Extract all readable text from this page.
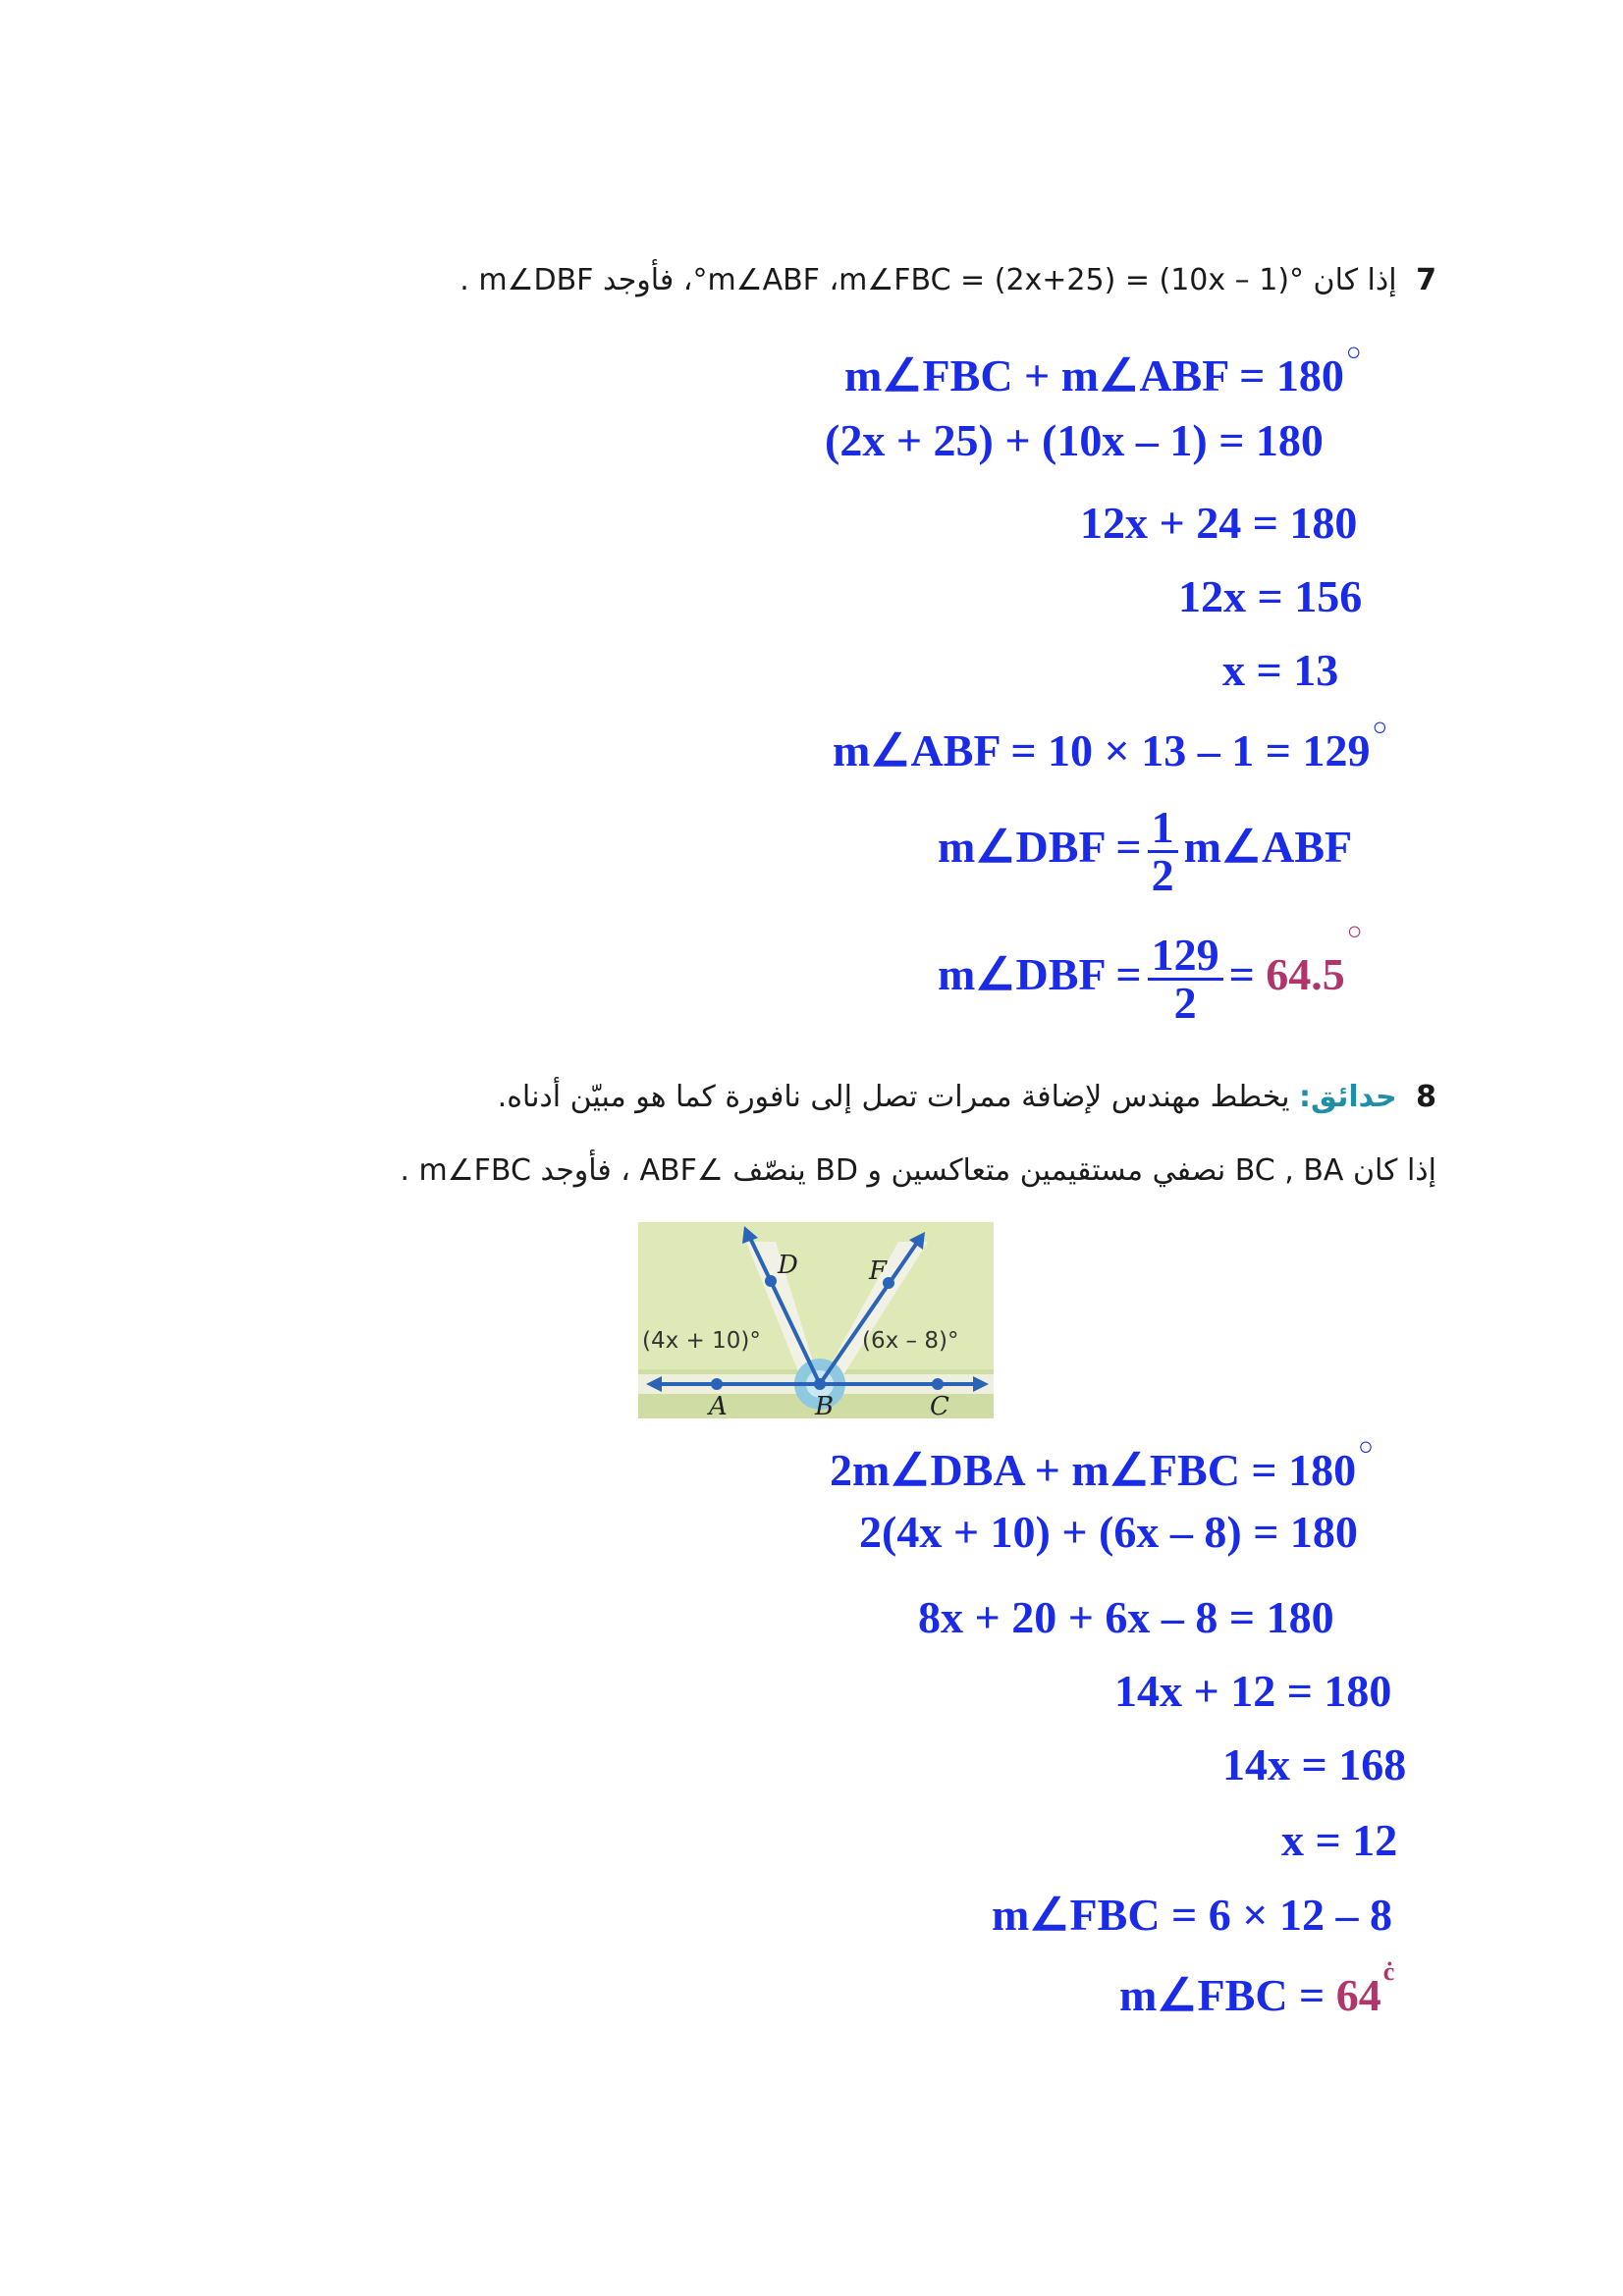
7 إذا كان °(10x – 1) = m∠ABF ،m∠FBC = (2x+25)°، فأوجد m∠DBF .
m∠FBC + m∠ABF = 180○
(2x + 25) + (10x – 1) = 180
12x + 24 = 180
12x = 156
x = 13
m∠ABF = 10 × 13 – 1 = 129○
m∠DBF = $\frac{1}{2}$ m∠ABF
m∠DBF = $\frac{129}{2} = 64.5^○$
8 حدائق: يخطط مهندس لإضافة ممرات تصل إلى نافورة كما هو مبيّن أدناه.
إذا كان BC , BA نصفي مستقيمين متعاكسين و BD ينصّف ∠ABF ، فأوجد m∠FBC .
D	F
A	B	C
(4x + 10)°	(6x – 8)°
2m∠DBA + m∠FBC = 180○
2(4x + 10) + (6x – 8) = 180
8x + 20 + 6x – 8 = 180
14x + 12 = 180
14x = 168
x = 12
m∠FBC = 6 × 12 – 8
m∠FBC = $64^ċ$
